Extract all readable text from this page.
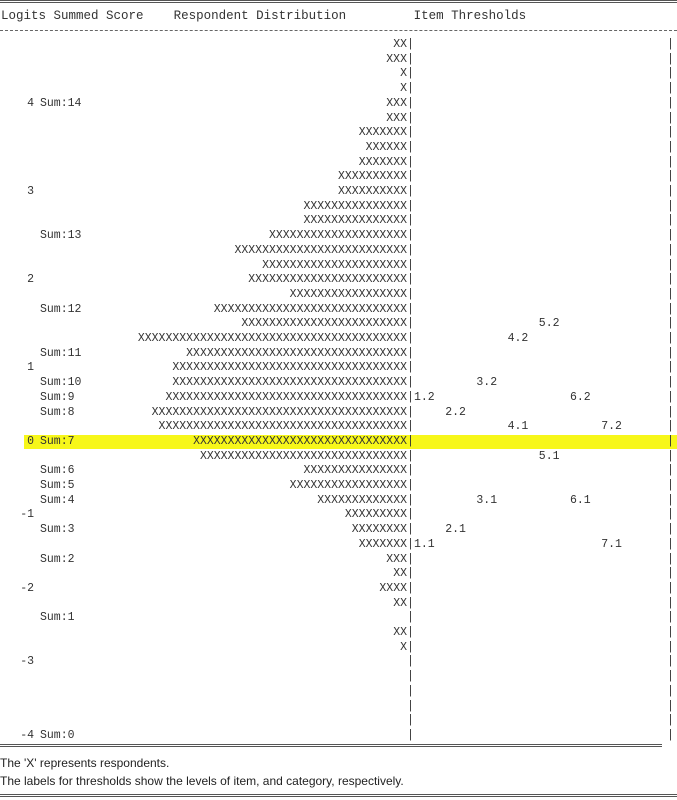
Logits Summed Score Respondent Distribution	Item Thresholds
XX |	|
XXX |	|
X |	|
X |	|
4 Sum:14	XXX |	|
XXX |	|
XXXXXXX |	|
XXXXXX |	|
XXXXXXX |	|
XXXXXXXXXX |	|
3	XXXXXXXXXX |	|
XXXXXXXXXXXXXXX |	|
XXXXXXXXXXXXXXX |	|
Sum:13	XXXXXXXXXXXXXXXXXXXX |	|
XXXXXXXXXXXXXXXXXXXXXXXXX |	|
XXXXXXXXXXXXXXXXXXXXX |	|
2	XXXXXXXXXXXXXXXXXXXXXXX |	|
XXXXXXXXXXXXXXXXX |	|
Sum:12	XXXXXXXXXXXXXXXXXXXXXXXXXXXX |	|
XXXXXXXXXXXXXXXXXXXXXXXX |	5.2	|
XXXXXXXXXXXXXXXXXXXXXXXXXXXXXXXXXXXXXXX |	4.2	|
Sum:11	XXXXXXXXXXXXXXXXXXXXXXXXXXXXXXXX |	|
1	XXXXXXXXXXXXXXXXXXXXXXXXXXXXXXXXXX |	|
Sum:10	XXXXXXXXXXXXXXXXXXXXXXXXXXXXXXXXXX |	3.2	|
Sum:9	XXXXXXXXXXXXXXXXXXXXXXXXXXXXXXXXXXX | 1.2	6.2	|
Sum:8	XXXXXXXXXXXXXXXXXXXXXXXXXXXXXXXXXXXXX |	2.2	|
XXXXXXXXXXXXXXXXXXXXXXXXXXXXXXXXXXXX |	4.1	7.2	|
0 Sum:7	XXXXXXXXXXXXXXXXXXXXXXXXXXXXXXX |	|
XXXXXXXXXXXXXXXXXXXXXXXXXXXXXX |	5.1	|
Sum:6	XXXXXXXXXXXXXXX |	|
Sum:5	XXXXXXXXXXXXXXXXX |	|
Sum:4	XXXXXXXXXXXXX |	3.1	6.1	|
-1	XXXXXXXXX |	|
Sum:3	XXXXXXXX |	2.1	|
XXXXXXX | 1.1	7.1	|
Sum:2	XXX |	|
XX |	|
-2	XXXX |	|
XX |	|
Sum:1	|	|
XX |	|
X |	|
-3	|	|
|	|
|	|
|	|
|	|
-4 Sum:0	|	|
The 'X' represents respondents.
The labels for thresholds show the levels of item, and category, respectively.
